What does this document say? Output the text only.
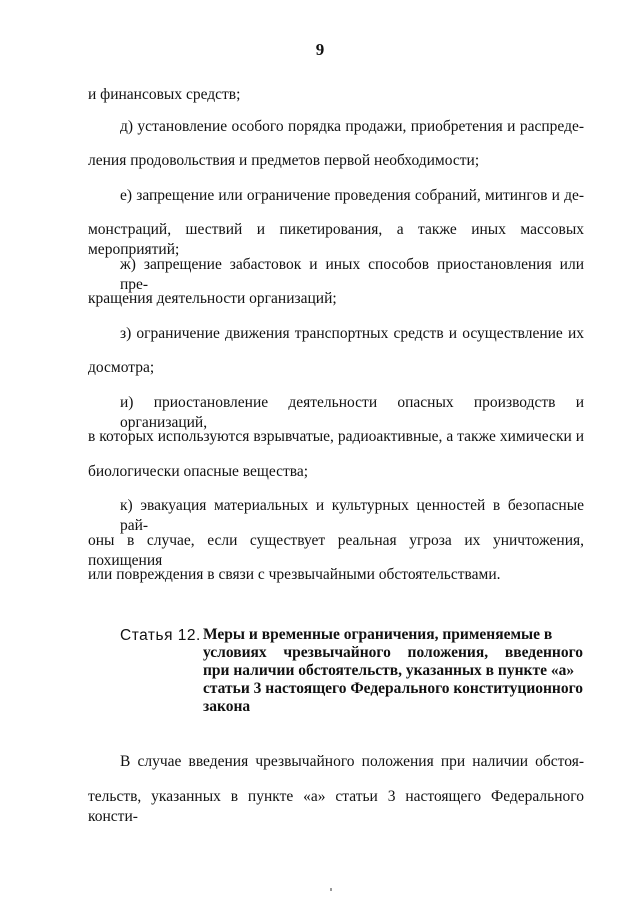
9
и финансовых средств;
д) установление особого порядка продажи, приобретения и распреде-
ления продовольствия и предметов первой необходимости;
е) запрещение или ограничение проведения собраний, митингов и де-
монстраций, шествий и пикетирования, а также иных массовых мероприятий;
ж) запрещение забастовок и иных способов приостановления или пре-
кращения деятельности организаций;
з) ограничение движения транспортных средств и осуществление их
досмотра;
и) приостановление деятельности опасных производств и организаций,
в которых используются взрывчатые, радиоактивные, а также химически и
биологически опасные вещества;
к) эвакуация материальных и культурных ценностей в безопасные рай-
оны в случае, если существует реальная угроза их уничтожения, похищения
или повреждения в связи с чрезвычайными обстоятельствами.
Статья 12. Меры и временные ограничения, применяемые в
условиях чрезвычайного положения, введенного
при наличии обстоятельств, указанных в пункте «а»
статьи 3 настоящего Федерального конституционного
закона
В случае введения чрезвычайного положения при наличии обстоя-
тельств, указанных в пункте «а» статьи 3 настоящего Федерального консти-
